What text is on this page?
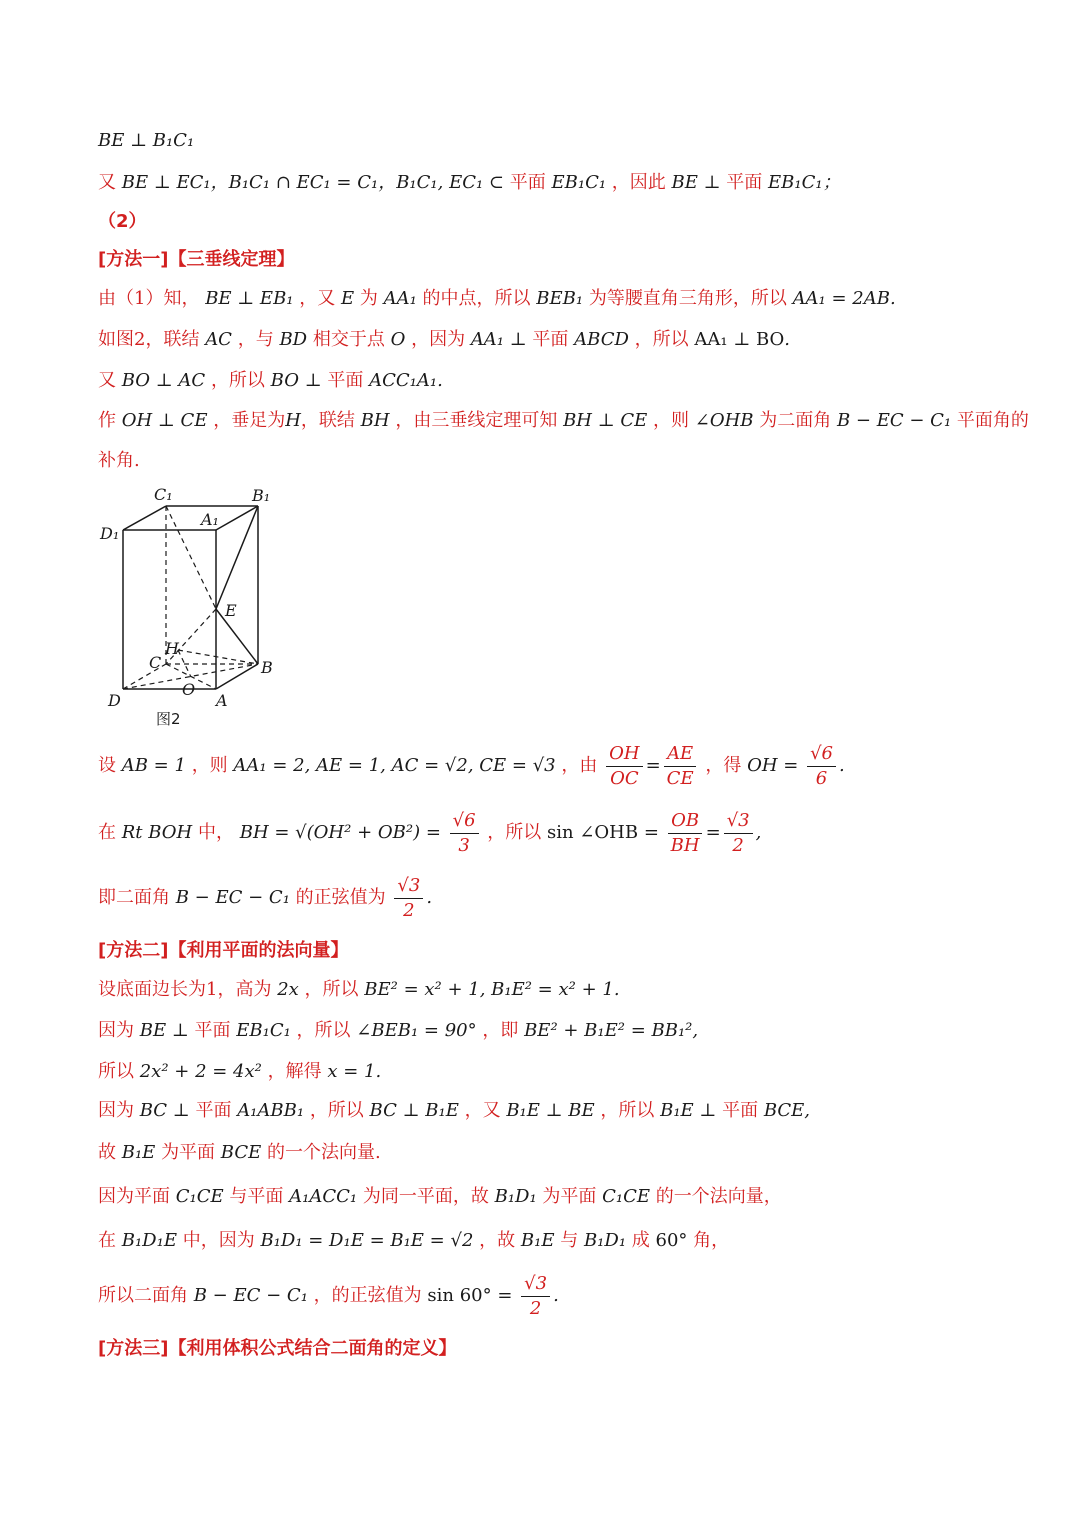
BE ⊥ B₁C₁
又 BE ⊥ EC₁，B₁C₁ ∩ EC₁ = C₁，B₁C₁, EC₁ ⊂ 平面 EB₁C₁ ，因此 BE ⊥ 平面 EB₁C₁；
（2）
[方法一]【三垂线定理】
由（1）知， BE ⊥ EB₁ ，又 E 为 AA₁ 的中点，所以 BEB₁ 为等腰直角三角形，所以 AA₁ = 2AB.
如图2，联结 AC ，与 BD 相交于点 O ，因为 AA₁ ⊥ 平面 ABCD ，所以 AA₁ ⊥ BO.
又 BO ⊥ AC ，所以 BO ⊥ 平面 ACC₁A₁.
作 OH ⊥ CE ，垂足为H，联结 BH ，由三垂线定理可知 BH ⊥ CE ，则 ∠OHB 为二面角 B − EC − C₁ 平面角的
补角.
C₁	B₁
A₁
D₁
E
H
C	B
O
D	A
图2
设 AB = 1 ，则 AA₁ = 2, AE = 1, AC = √2, CE = √3 ，由 $\frac{OH}{OC} = \frac{AE}{CE}$ ，得 OH = $\frac{√6}{6}$ .
在 Rt BOH 中， BH = $√(OH^2 + OB^2) = \frac{√6}{3}$ ，所以 sin ∠OHB = $\frac{OB}{BH} = \frac{√3}{2}$ ,
即二面角 B − EC − C₁ 的正弦值为 $\frac{√3}{2}$ .
[方法二]【利用平面的法向量】
设底面边长为1，高为 2x ，所以 BE² = x² + 1, B₁E² = x² + 1.
因为 BE ⊥ 平面 EB₁C₁ ，所以 ∠BEB₁ = 90° ，即 BE² + B₁E² = BB₁²,
所以 2x² + 2 = 4x² ，解得 x = 1.
因为 BC ⊥ 平面 A₁ABB₁ ，所以 BC ⊥ B₁E ，又 B₁E ⊥ BE ，所以 B₁E ⊥ 平面 BCE,
故 B₁E 为平面 BCE 的一个法向量.
因为平面 C₁CE 与平面 A₁ACC₁ 为同一平面，故 B₁D₁ 为平面 C₁CE 的一个法向量，
在 B₁D₁E 中，因为 B₁D₁ = D₁E = B₁E = √2 ，故 B₁E 与 B₁D₁ 成 60° 角，
所以二面角 B − EC − C₁ ，的正弦值为 $\sin 60^\circ = \frac{√3}{2}$ .
[方法三]【利用体积公式结合二面角的定义】
